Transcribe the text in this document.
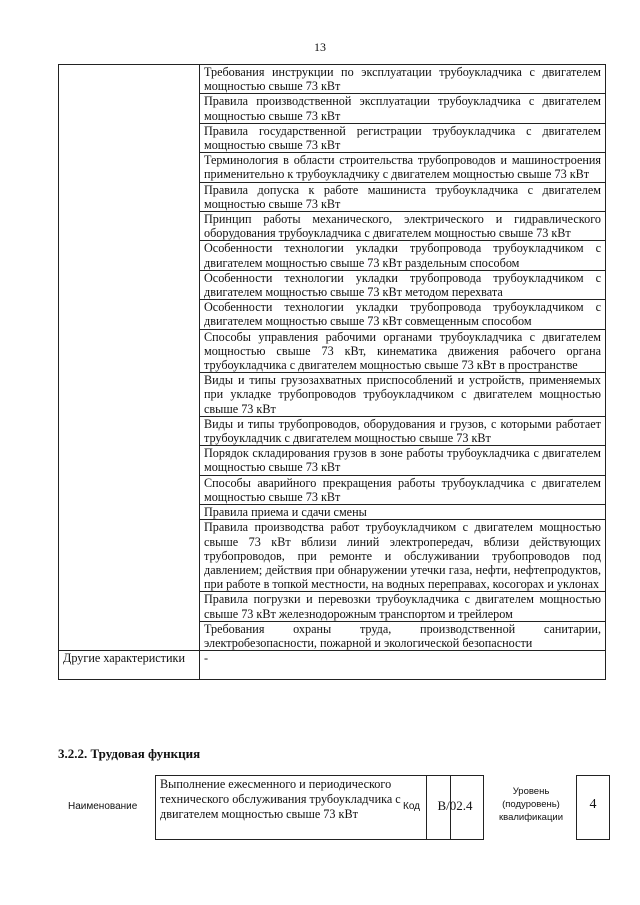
13
	Требования инструкции по эксплуатации трубоукладчика с двигателем мощностью свыше 73 кВт
	Правила производственной эксплуатации трубоукладчика с двигателем мощностью свыше 73 кВт
	Правила государственной регистрации трубоукладчика с двигателем мощностью свыше 73 кВт
	Терминология в области строительства трубопроводов и машиностроения применительно к трубоукладчику с двигателем мощностью свыше 73 кВт
	Правила допуска к работе машиниста трубоукладчика с двигателем мощностью свыше 73 кВт
	Принцип работы механического, электрического и гидравлического оборудования трубоукладчика с двигателем мощностью свыше 73 кВт
	Особенности технологии укладки трубопровода трубоукладчиком с двигателем мощностью свыше 73 кВт раздельным способом
	Особенности технологии укладки трубопровода трубоукладчиком с двигателем мощностью свыше 73 кВт методом перехвата
	Особенности технологии укладки трубопровода трубоукладчиком с двигателем мощностью свыше 73 кВт совмещенным способом
	Способы управления рабочими органами трубоукладчика с двигателем мощностью свыше 73 кВт, кинематика движения рабочего органа трубоукладчика с двигателем мощностью свыше 73 кВт в пространстве
	Виды и типы грузозахватных приспособлений и устройств, применяемых при укладке трубопроводов трубоукладчиком с двигателем мощностью свыше 73 кВт
	Виды и типы трубопроводов, оборудования и грузов, с которыми работает трубоукладчик с двигателем мощностью свыше 73 кВт
	Порядок складирования грузов в зоне работы трубоукладчика с двигателем мощностью свыше 73 кВт
	Способы аварийного прекращения работы трубоукладчика с двигателем мощностью свыше 73 кВт
	Правила приема и сдачи смены
	Правила производства работ трубоукладчиком с двигателем мощностью свыше 73 кВт вблизи линий электропередач, вблизи действующих трубопроводов, при ремонте и обслуживании трубопроводов под давлением; действия при обнаружении утечки газа, нефти, нефтепродуктов, при работе в топкой местности, на водных переправах, косогорах и уклонах
	Правила погрузки и перевозки трубоукладчика с двигателем мощностью свыше 73 кВт железнодорожным транспортом и трейлером
	Требования охраны труда, производственной санитарии, электробезопасности, пожарной и экологической безопасности
Другие характеристики	-
3.2.2. Трудовая функция
Наименование
Выполнение ежесменного и периодического технического обслуживания трубоукладчика с двигателем мощностью свыше 73 кВт
Код	B/02.4
Уровень (подуровень) квалификации
4
